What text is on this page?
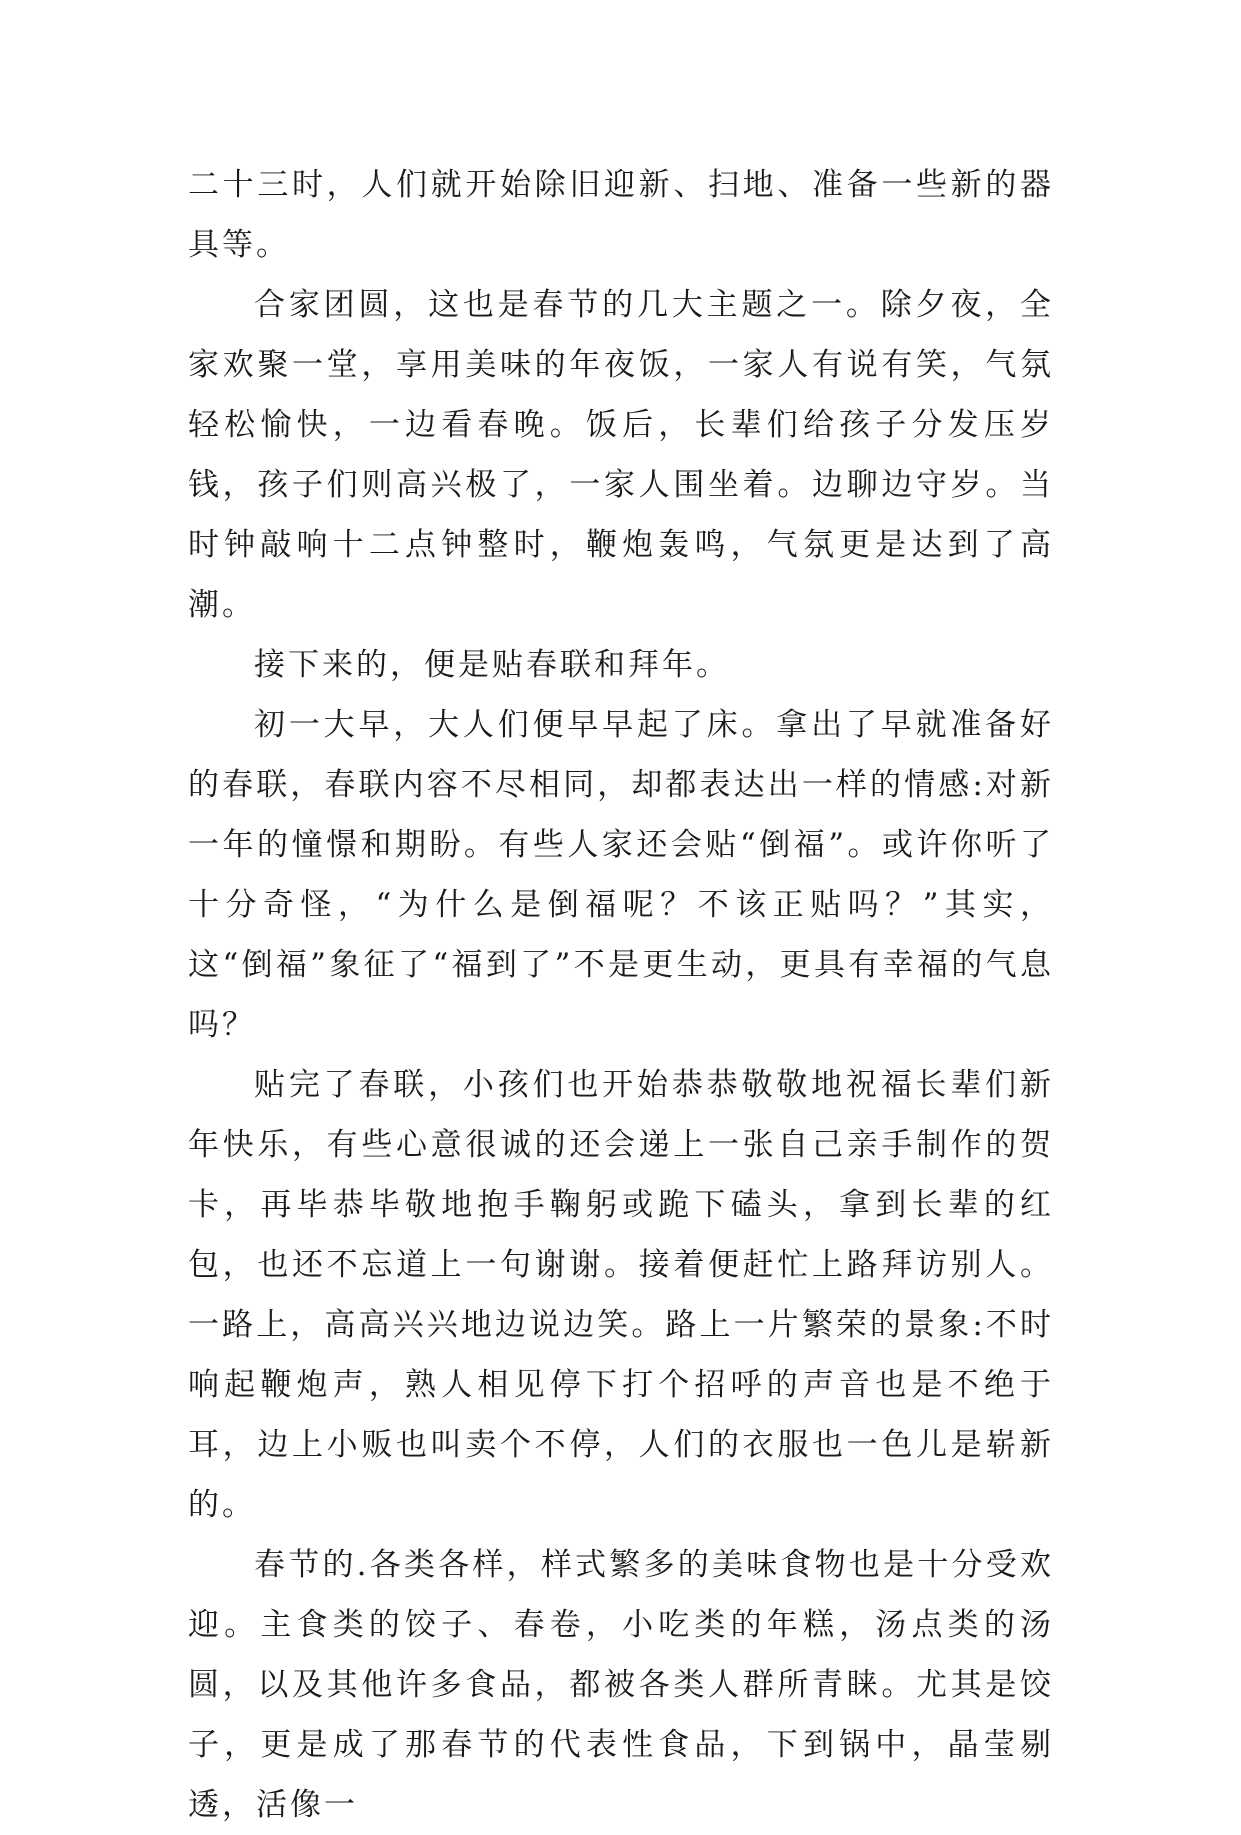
二十三时，人们就开始除旧迎新、扫地、准备一些新的器具等。

合家团圆，这也是春节的几大主题之一。除夕夜，全家欢聚一堂，享用美味的年夜饭，一家人有说有笑，气氛轻松愉快，一边看春晚。饭后，长辈们给孩子分发压岁钱，孩子们则高兴极了，一家人围坐着。边聊边守岁。当时钟敲响十二点钟整时，鞭炮轰鸣，气氛更是达到了高潮。

接下来的，便是贴春联和拜年。

初一大早，大人们便早早起了床。拿出了早就准备好的春联，春联内容不尽相同，却都表达出一样的情感:对新一年的憧憬和期盼。有些人家还会贴“倒福”。或许你听了十分奇怪，“为什么是倒福呢？不该正贴吗？”其实，这“倒福”象征了“福到了”不是更生动，更具有幸福的气息吗？

贴完了春联，小孩们也开始恭恭敬敬地祝福长辈们新年快乐，有些心意很诚的还会递上一张自己亲手制作的贺卡，再毕恭毕敬地抱手鞠躬或跪下磕头，拿到长辈的红包，也还不忘道上一句谢谢。接着便赶忙上路拜访别人。一路上，高高兴兴地边说边笑。路上一片繁荣的景象:不时响起鞭炮声，熟人相见停下打个招呼的声音也是不绝于耳，边上小贩也叫卖个不停，人们的衣服也一色儿是崭新的。

春节的.各类各样，样式繁多的美味食物也是十分受欢迎。主食类的饺子、春卷，小吃类的年糕，汤点类的汤圆，以及其他许多食品，都被各类人群所青睐。尤其是饺子，更是成了那春节的代表性食品，下到锅中，晶莹剔透，活像一
